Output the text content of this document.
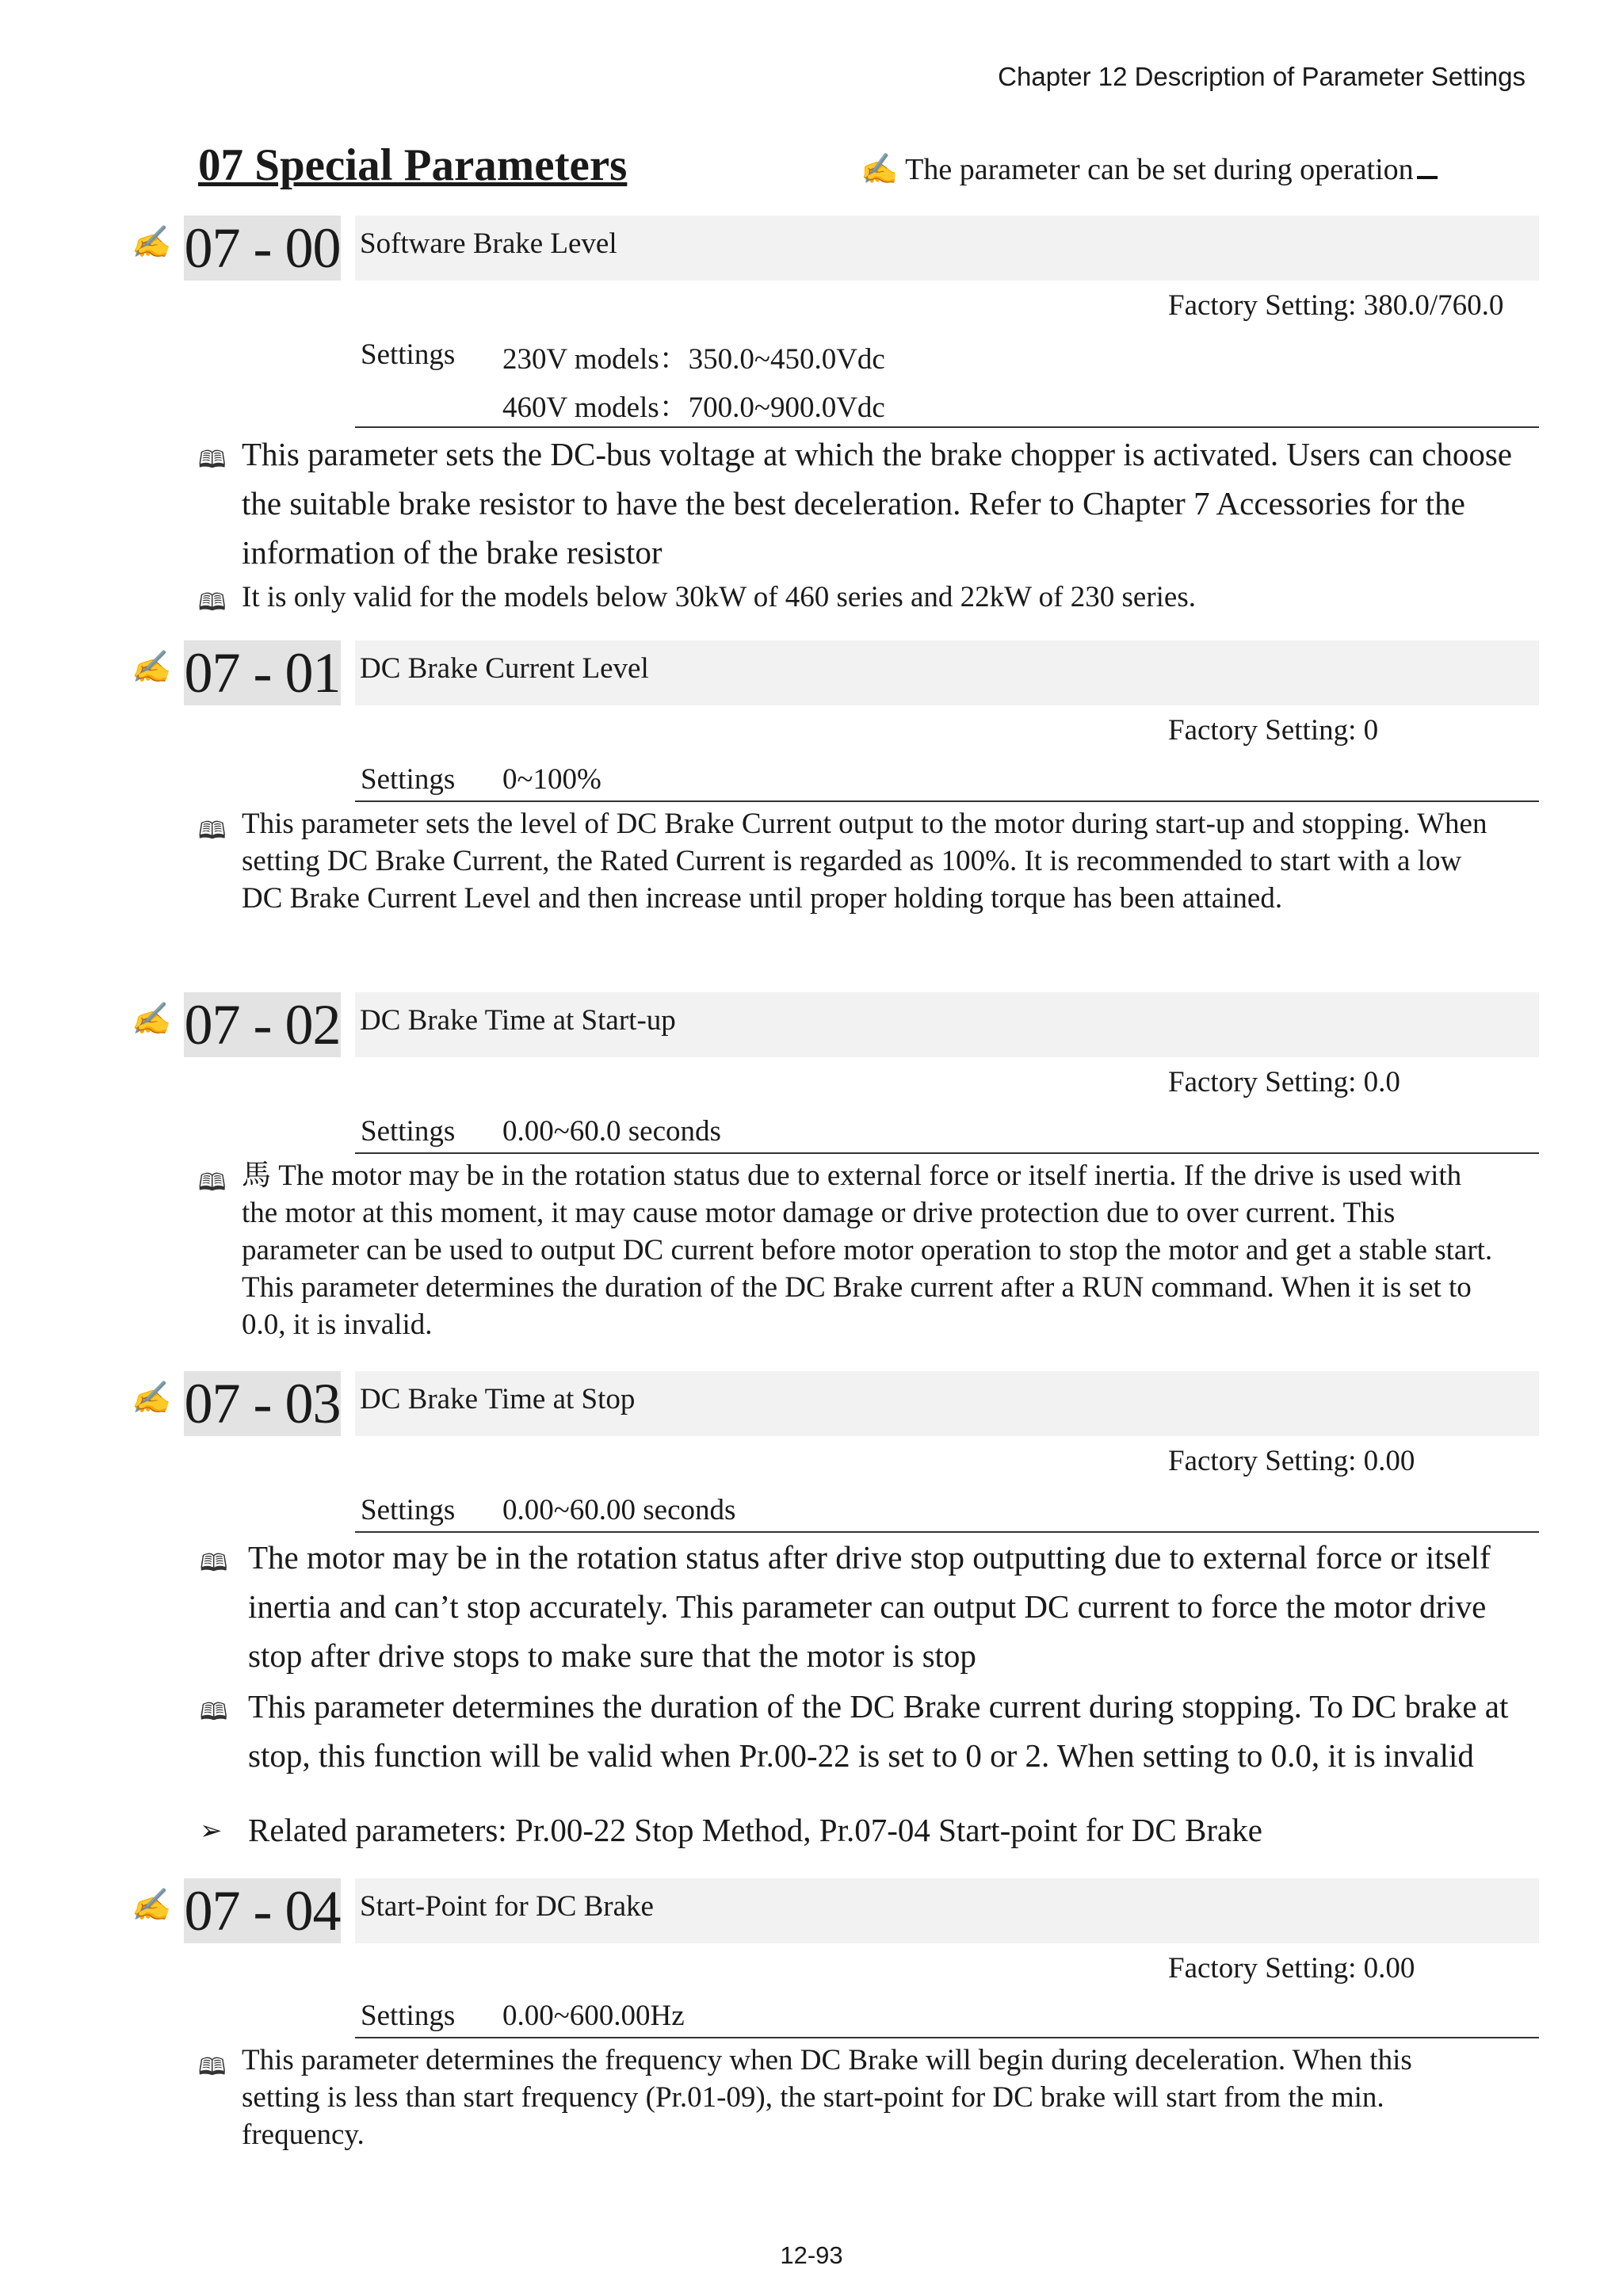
Chapter 12 Description of Parameter Settings
07 Special Parameters	✍ The parameter can be set during operation
✍ 07 - 00 Software Brake Level
Factory Setting: 380.0/760.0
Settings 230V models：350.0~450.0Vdc
460V models：700.0~900.0Vdc
🕮 This parameter sets the DC-bus voltage at which the brake chopper is activated. Users can choose
the suitable brake resistor to have the best deceleration. Refer to Chapter 7 Accessories for the
information of the brake resistor
🕮 It is only valid for the models below 30kW of 460 series and 22kW of 230 series.
✍ 07 - 01 DC Brake Current Level
Factory Setting: 0
Settings 0~100%
🕮 This parameter sets the level of DC Brake Current output to the motor during start-up and stopping. When
setting DC Brake Current, the Rated Current is regarded as 100%. It is recommended to start with a low
DC Brake Current Level and then increase until proper holding torque has been attained.
✍ 07 - 02 DC Brake Time at Start-up
Factory Setting: 0.0
Settings 0.00~60.0 seconds
🕮 馬 The motor may be in the rotation status due to external force or itself inertia. If the drive is used with
the motor at this moment, it may cause motor damage or drive protection due to over current. This
parameter can be used to output DC current before motor operation to stop the motor and get a stable start.
This parameter determines the duration of the DC Brake current after a RUN command. When it is set to
0.0, it is invalid.
✍ 07 - 03 DC Brake Time at Stop
Factory Setting: 0.00
Settings 0.00~60.00 seconds
🕮 The motor may be in the rotation status after drive stop outputting due to external force or itself
inertia and can’t stop accurately. This parameter can output DC current to force the motor drive
stop after drive stops to make sure that the motor is stop
🕮 This parameter determines the duration of the DC Brake current during stopping. To DC brake at
stop, this function will be valid when Pr.00-22 is set to 0 or 2. When setting to 0.0, it is invalid
➢ Related parameters: Pr.00-22 Stop Method, Pr.07-04 Start-point for DC Brake
✍ 07 - 04 Start-Point for DC Brake
Factory Setting: 0.00
Settings 0.00~600.00Hz
🕮 This parameter determines the frequency when DC Brake will begin during deceleration. When this
setting is less than start frequency (Pr.01-09), the start-point for DC brake will start from the min.
frequency.
12-93
